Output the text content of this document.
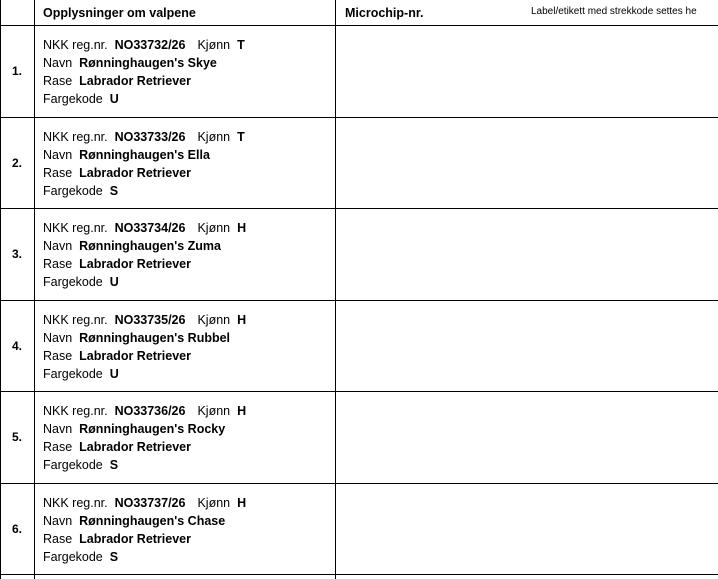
Opplysninger om valpene	Microchip-nr.	Label/etikett med strekkode settes he
1.
NKK reg.nr. NO33732/26 Kjønn T
Navn Rønninghaugen's Skye
Rase Labrador Retriever
Fargekode U
2.
NKK reg.nr. NO33733/26 Kjønn T
Navn Rønninghaugen's Ella
Rase Labrador Retriever
Fargekode S
3.
NKK reg.nr. NO33734/26 Kjønn H
Navn Rønninghaugen's Zuma
Rase Labrador Retriever
Fargekode U
4.
NKK reg.nr. NO33735/26 Kjønn H
Navn Rønninghaugen's Rubbel
Rase Labrador Retriever
Fargekode U
5.
NKK reg.nr. NO33736/26 Kjønn H
Navn Rønninghaugen's Rocky
Rase Labrador Retriever
Fargekode S
6.
NKK reg.nr. NO33737/26 Kjønn H
Navn Rønninghaugen's Chase
Rase Labrador Retriever
Fargekode S
